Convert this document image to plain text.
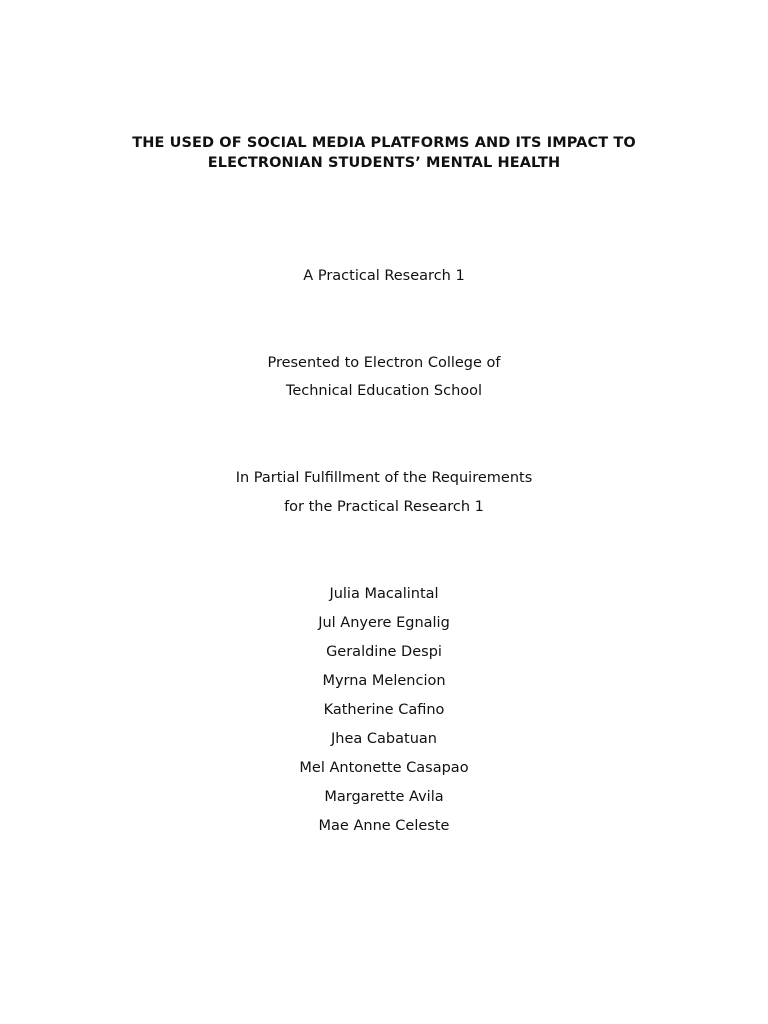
THE USED OF SOCIAL MEDIA PLATFORMS AND ITS IMPACT TO
ELECTRONIAN STUDENTS’ MENTAL HEALTH
A Practical Research 1
Presented to Electron College of
Technical Education School
In Partial Fulfillment of the Requirements
for the Practical Research 1
Julia Macalintal
Jul Anyere Egnalig
Geraldine Despi
Myrna Melencion
Katherine Cafino
Jhea Cabatuan
Mel Antonette Casapao
Margarette Avila
Mae Anne Celeste
